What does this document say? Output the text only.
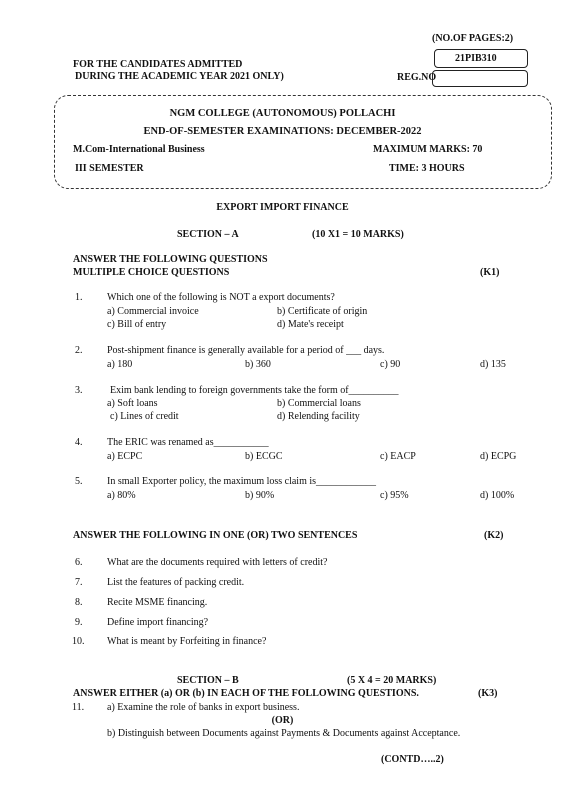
(NO.OF PAGES:2)
FOR THE CANDIDATES ADMITTED
DURING THE ACADEMIC YEAR 2021 ONLY)
21PIB310
REG.NO
NGM COLLEGE (AUTONOMOUS) POLLACHI
END-OF-SEMESTER EXAMINATIONS: DECEMBER-2022
M.Com-International Business	MAXIMUM MARKS: 70
III SEMESTER	TIME: 3 HOURS
EXPORT IMPORT FINANCE
SECTION – A	(10 X1 = 10 MARKS)
ANSWER THE FOLLOWING QUESTIONS
MULTIPLE CHOICE QUESTIONS	(K1)
1. Which one of the following is NOT a export documents?
a) Commercial invoice	b) Certificate of origin
c) Bill of entry	d) Mate's receipt
2. Post-shipment finance is generally available for a period of ___ days.
a) 180	b) 360	c) 90	d) 135
3.	Exim bank lending to foreign governments take the form of__________
a) Soft loans	b) Commercial loans
c) Lines of credit	d) Relending facility
4. The ERIC was renamed as___________
a) ECPC	b) ECGC	c) EACP	d) ECPG
5. In small Exporter policy, the maximum loss claim is____________
a) 80%	b) 90%	c) 95%	d) 100%
ANSWER THE FOLLOWING IN ONE (OR) TWO SENTENCES	(K2)
6. What are the documents required with letters of credit?
7. List the features of packing credit.
8. Recite MSME financing.
9. Define import financing?
10. What is meant by Forfeiting in finance?
SECTION – B	(5 X 4 = 20 MARKS)
ANSWER EITHER (a) OR (b) IN EACH OF THE FOLLOWING QUESTIONS.	(K3)
11. a) Examine the role of banks in export business.
(OR)
b) Distinguish between Documents against Payments & Documents against Acceptance.
(CONTD…..2)
